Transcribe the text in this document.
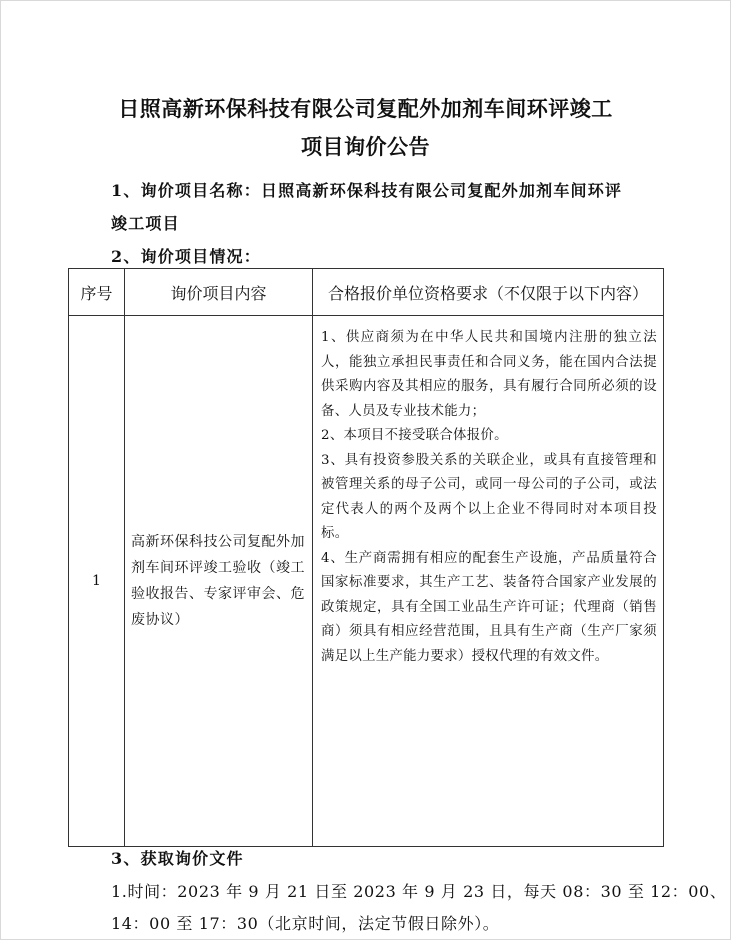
日照高新环保科技有限公司复配外加剂车间环评竣工
项目询价公告
1、询价项目名称：日照高新环保科技有限公司复配外加剂车间环评
竣工项目
2、询价项目情况：
序号	询价项目内容	合格报价单位资格要求（不仅限于以下内容）
1	高新环保科技公司复配外加剂车间环评竣工验收（竣工验收报告、专家评审会、危废协议）	1、供应商须为在中华人民共和国境内注册的独立法人，能独立承担民事责任和合同义务，能在国内合法提供采购内容及其相应的服务，具有履行合同所必须的设备、人员及专业技术能力；

2、本项目不接受联合体报价。

3、具有投资参股关系的关联企业，或具有直接管理和被管理关系的母子公司，或同一母公司的子公司，或法定代表人的两个及两个以上企业不得同时对本项目投标。

4、生产商需拥有相应的配套生产设施，产品质量符合国家标准要求，其生产工艺、装备符合国家产业发展的政策规定，具有全国工业品生产许可证；代理商（销售商）须具有相应经营范围，且具有生产商（生产厂家须满足以上生产能力要求）授权代理的有效文件。

3、获取询价文件
1.时间：2023 年 9 月 21 日至 2023 年 9 月 23 日，每天 08：30 至 12：00、
14：00 至 17：30（北京时间，法定节假日除外）。
